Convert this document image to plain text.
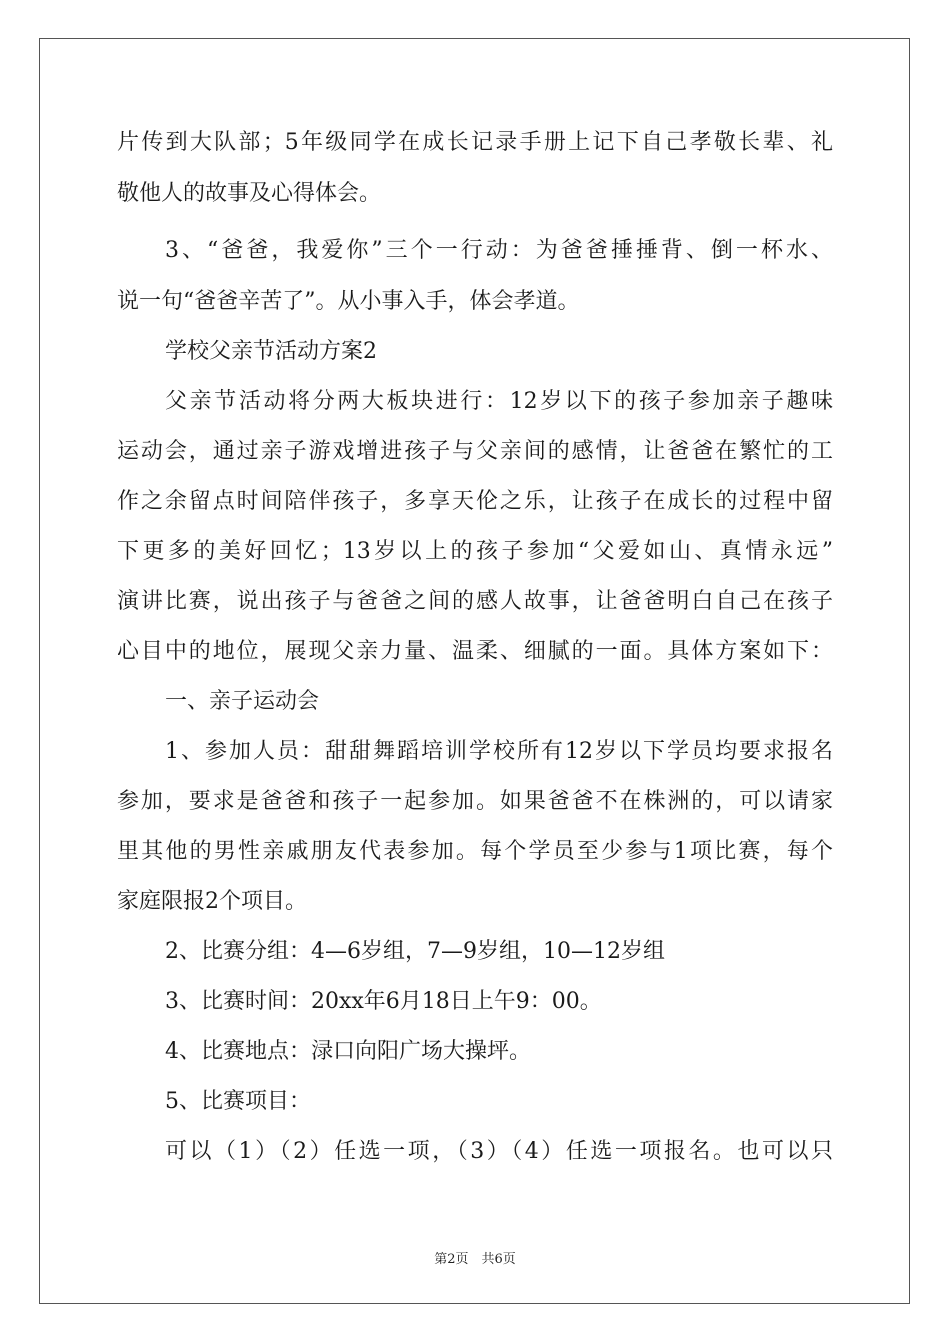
片传到大队部；5年级同学在成长记录手册上记下自己孝敬长辈、礼
敬他人的故事及心得体会。
3、“爸爸，我爱你”三个一行动：为爸爸捶捶背、倒一杯水、
说一句“爸爸辛苦了”。从小事入手，体会孝道。
学校父亲节活动方案2
父亲节活动将分两大板块进行：12岁以下的孩子参加亲子趣味
运动会，通过亲子游戏增进孩子与父亲间的感情，让爸爸在繁忙的工
作之余留点时间陪伴孩子，多享天伦之乐，让孩子在成长的过程中留
下更多的美好回忆；13岁以上的孩子参加“父爱如山、真情永远”
演讲比赛，说出孩子与爸爸之间的感人故事，让爸爸明白自己在孩子
心目中的地位，展现父亲力量、温柔、细腻的一面。具体方案如下：
一、亲子运动会
1、参加人员：甜甜舞蹈培训学校所有12岁以下学员均要求报名
参加，要求是爸爸和孩子一起参加。如果爸爸不在株洲的，可以请家
里其他的男性亲戚朋友代表参加。每个学员至少参与1项比赛，每个
家庭限报2个项目。
2、比赛分组：4—6岁组，7—9岁组，10—12岁组
3、比赛时间：20xx年6月18日上午9：00。
4、比赛地点：渌口向阳广场大操坪。
5、比赛项目：
可以（1）（2）任选一项，（3）（4）任选一项报名。也可以只
第2页　共6页
